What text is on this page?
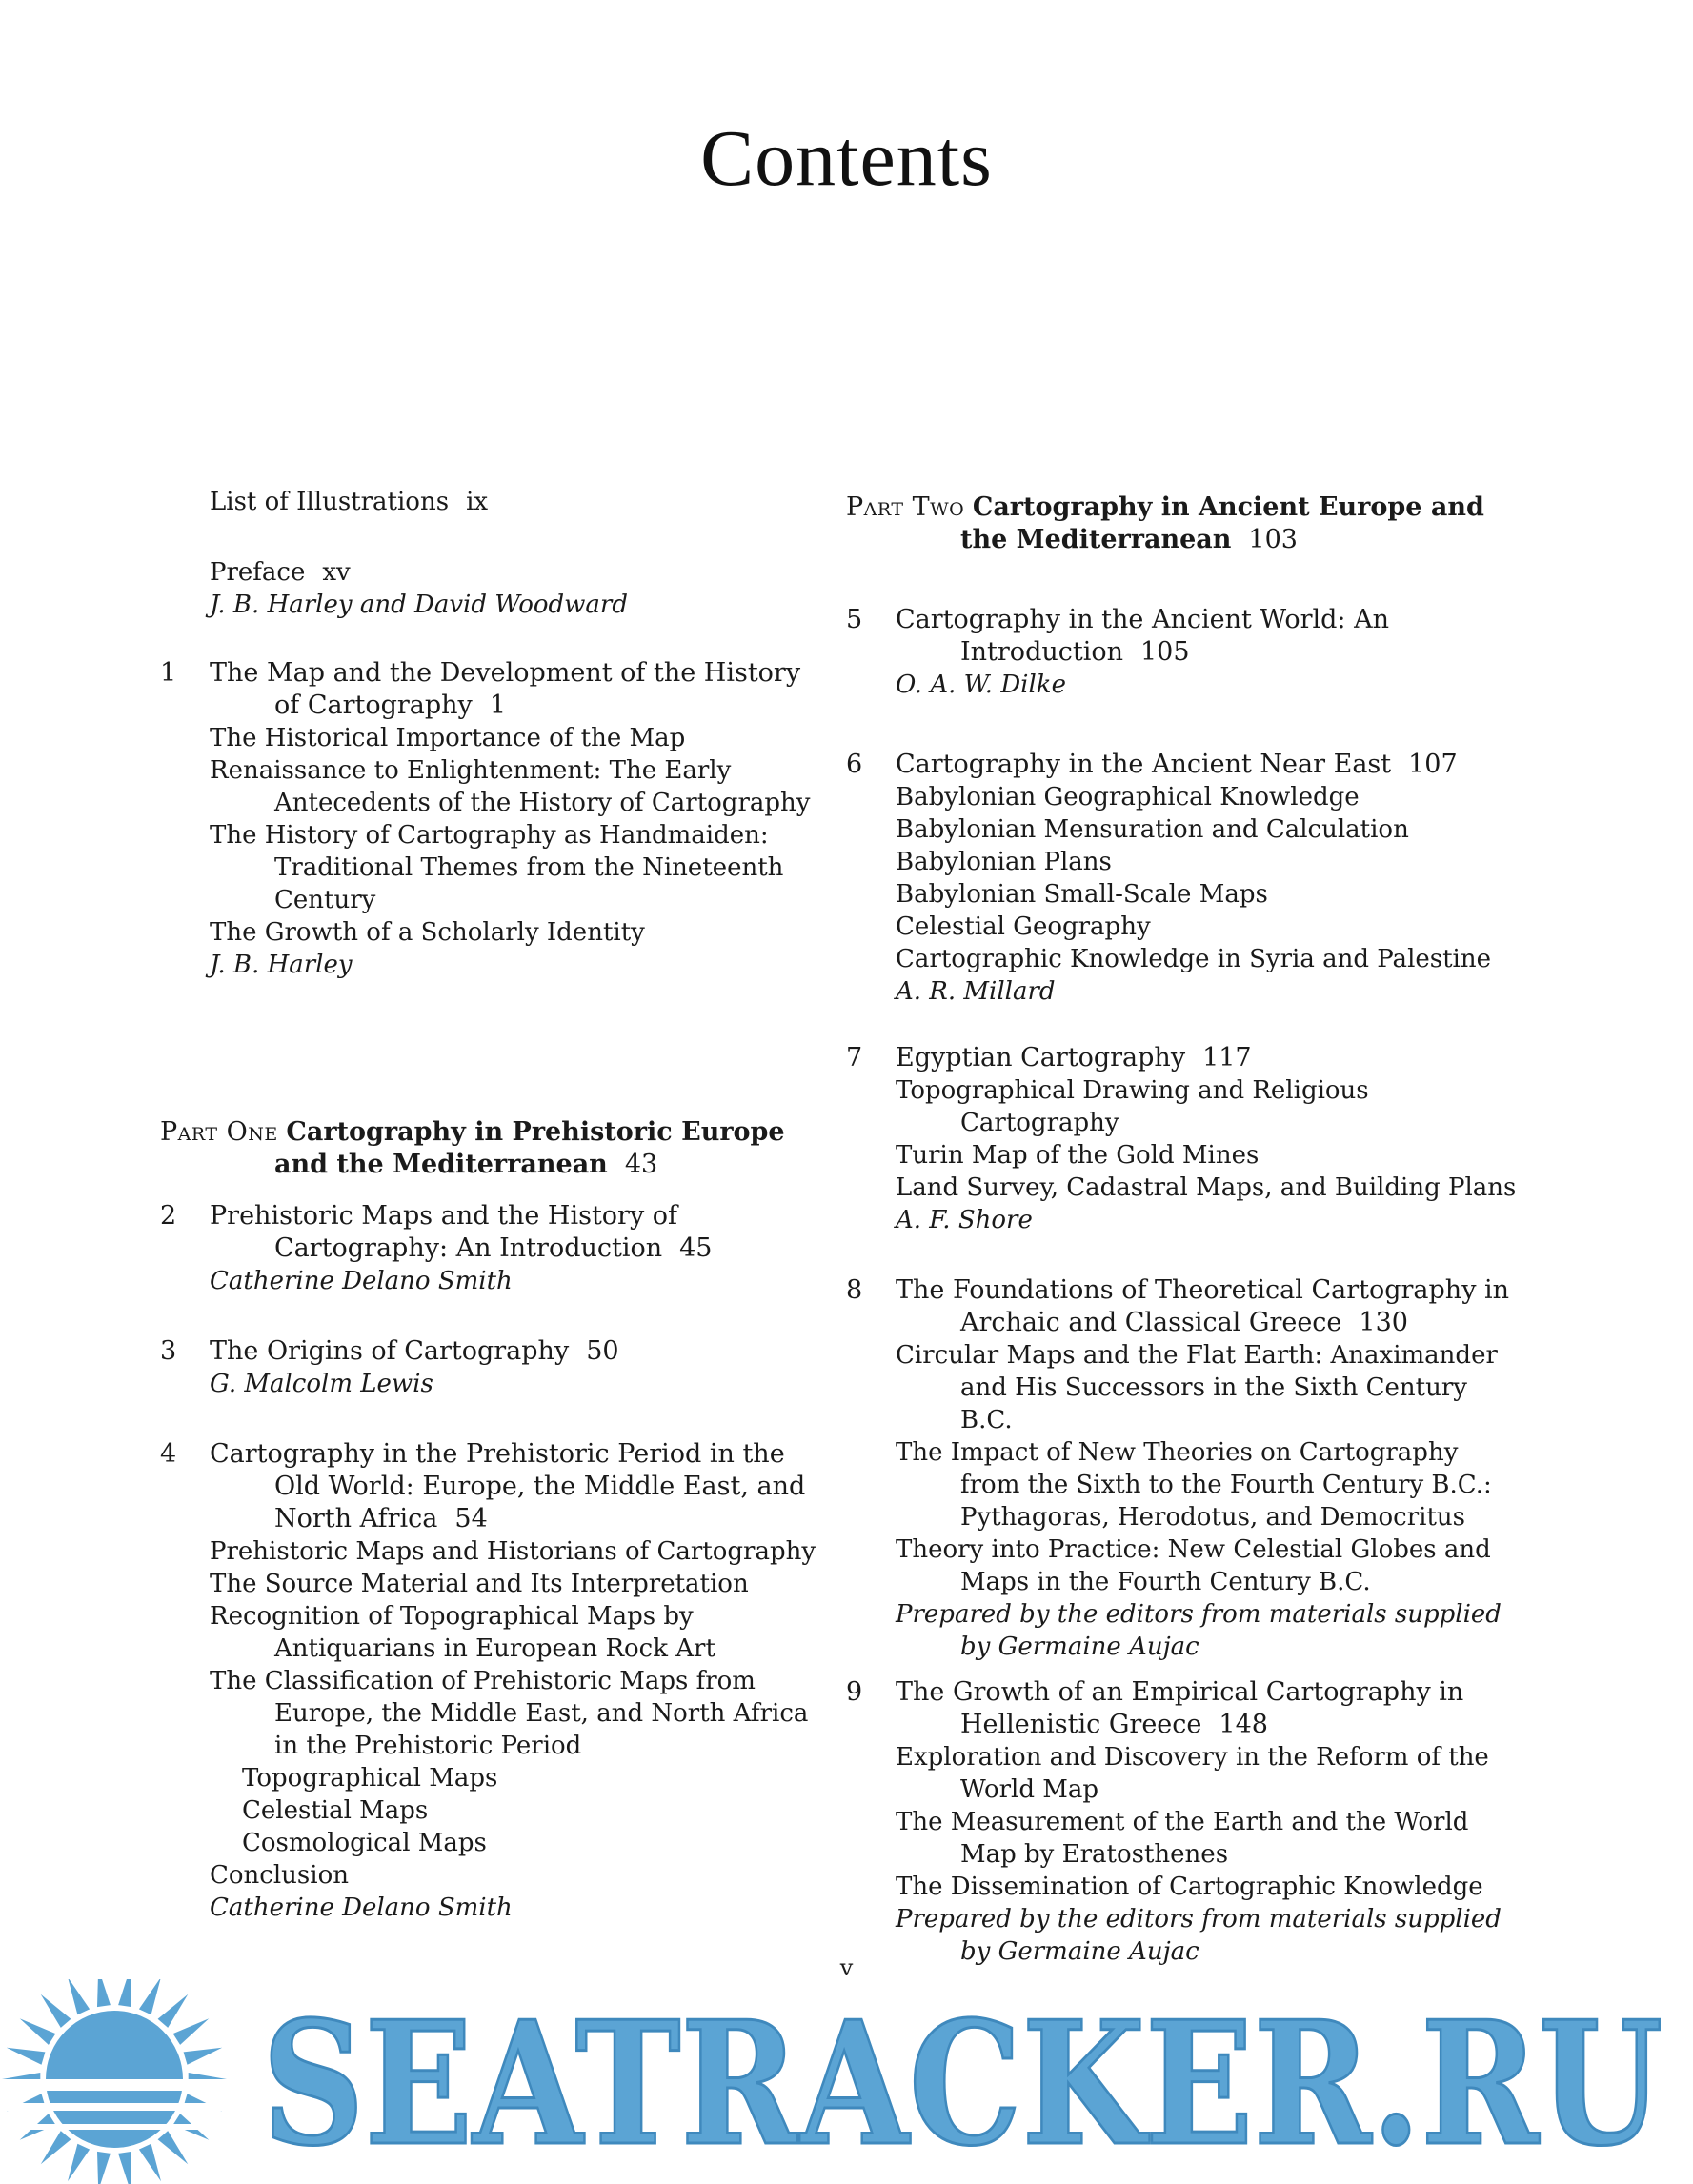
Contents
List of Illustrations ix
Preface xv
J. B. Harley and David Woodward
1 The Map and the Development of the History of Cartography 1
The Historical Importance of the Map
Renaissance to Enlightenment: The Early Antecedents of the History of Cartography
The History of Cartography as Handmaiden: Traditional Themes from the Nineteenth Century
The Growth of a Scholarly Identity
J. B. Harley
Part One Cartography in Prehistoric Europe and the Mediterranean 43
2 Prehistoric Maps and the History of Cartography: An Introduction 45
Catherine Delano Smith
3 The Origins of Cartography 50
G. Malcolm Lewis
4 Cartography in the Prehistoric Period in the Old World: Europe, the Middle East, and North Africa 54
Prehistoric Maps and Historians of Cartography
The Source Material and Its Interpretation
Recognition of Topographical Maps by Antiquarians in European Rock Art
The Classification of Prehistoric Maps from Europe, the Middle East, and North Africa in the Prehistoric Period
Topographical Maps
Celestial Maps
Cosmological Maps
Conclusion
Catherine Delano Smith
Part Two Cartography in Ancient Europe and the Mediterranean 103
5 Cartography in the Ancient World: An Introduction 105
O. A. W. Dilke
6 Cartography in the Ancient Near East 107
Babylonian Geographical Knowledge
Babylonian Mensuration and Calculation
Babylonian Plans
Babylonian Small-Scale Maps
Celestial Geography
Cartographic Knowledge in Syria and Palestine
A. R. Millard
7 Egyptian Cartography 117
Topographical Drawing and Religious Cartography
Turin Map of the Gold Mines
Land Survey, Cadastral Maps, and Building Plans
A. F. Shore
8 The Foundations of Theoretical Cartography in Archaic and Classical Greece 130
Circular Maps and the Flat Earth: Anaximander and His Successors in the Sixth Century B.C.
The Impact of New Theories on Cartography from the Sixth to the Fourth Century B.C.: Pythagoras, Herodotus, and Democritus
Theory into Practice: New Celestial Globes and Maps in the Fourth Century B.C.
Prepared by the editors from materials supplied by Germaine Aujac
9 The Growth of an Empirical Cartography in Hellenistic Greece 148
Exploration and Discovery in the Reform of the World Map
The Measurement of the Earth and the World Map by Eratosthenes
The Dissemination of Cartographic Knowledge
Prepared by the editors from materials supplied by Germaine Aujac
v
SEATRACKER.RU
